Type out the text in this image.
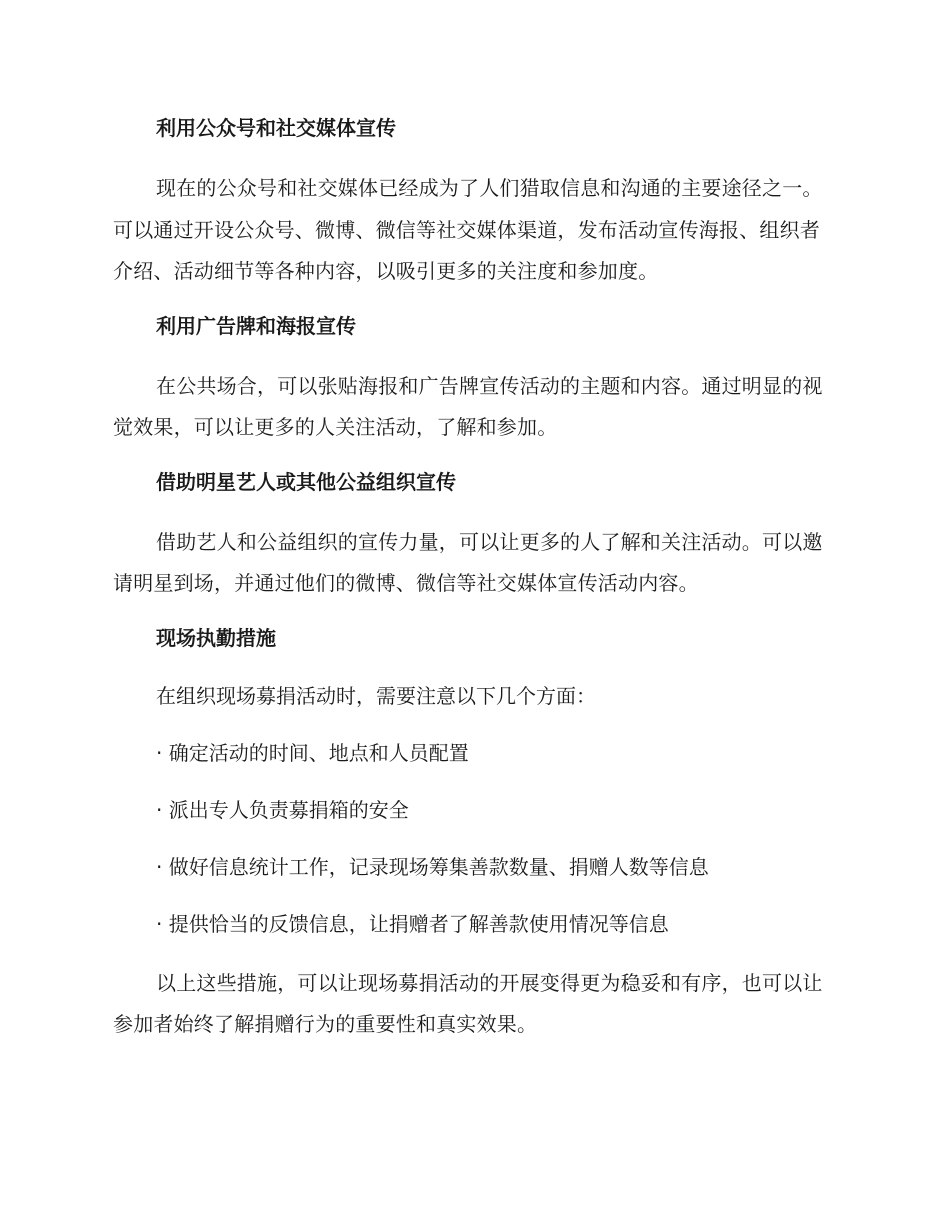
利用公众号和社交媒体宣传
现在的公众号和社交媒体已经成为了人们猎取信息和沟通的主要途径之一。可以通过开设公众号、微博、微信等社交媒体渠道，发布活动宣传海报、组织者介绍、活动细节等各种内容，以吸引更多的关注度和参加度。
利用广告牌和海报宣传
在公共场合，可以张贴海报和广告牌宣传活动的主题和内容。通过明显的视觉效果，可以让更多的人关注活动，了解和参加。
借助明星艺人或其他公益组织宣传
借助艺人和公益组织的宣传力量，可以让更多的人了解和关注活动。可以邀请明星到场，并通过他们的微博、微信等社交媒体宣传活动内容。
现场执勤措施
在组织现场募捐活动时，需要注意以下几个方面：
· 确定活动的时间、地点和人员配置
· 派出专人负责募捐箱的安全
· 做好信息统计工作，记录现场筹集善款数量、捐赠人数等信息
· 提供恰当的反馈信息，让捐赠者了解善款使用情况等信息
以上这些措施，可以让现场募捐活动的开展变得更为稳妥和有序，也可以让参加者始终了解捐赠行为的重要性和真实效果。
